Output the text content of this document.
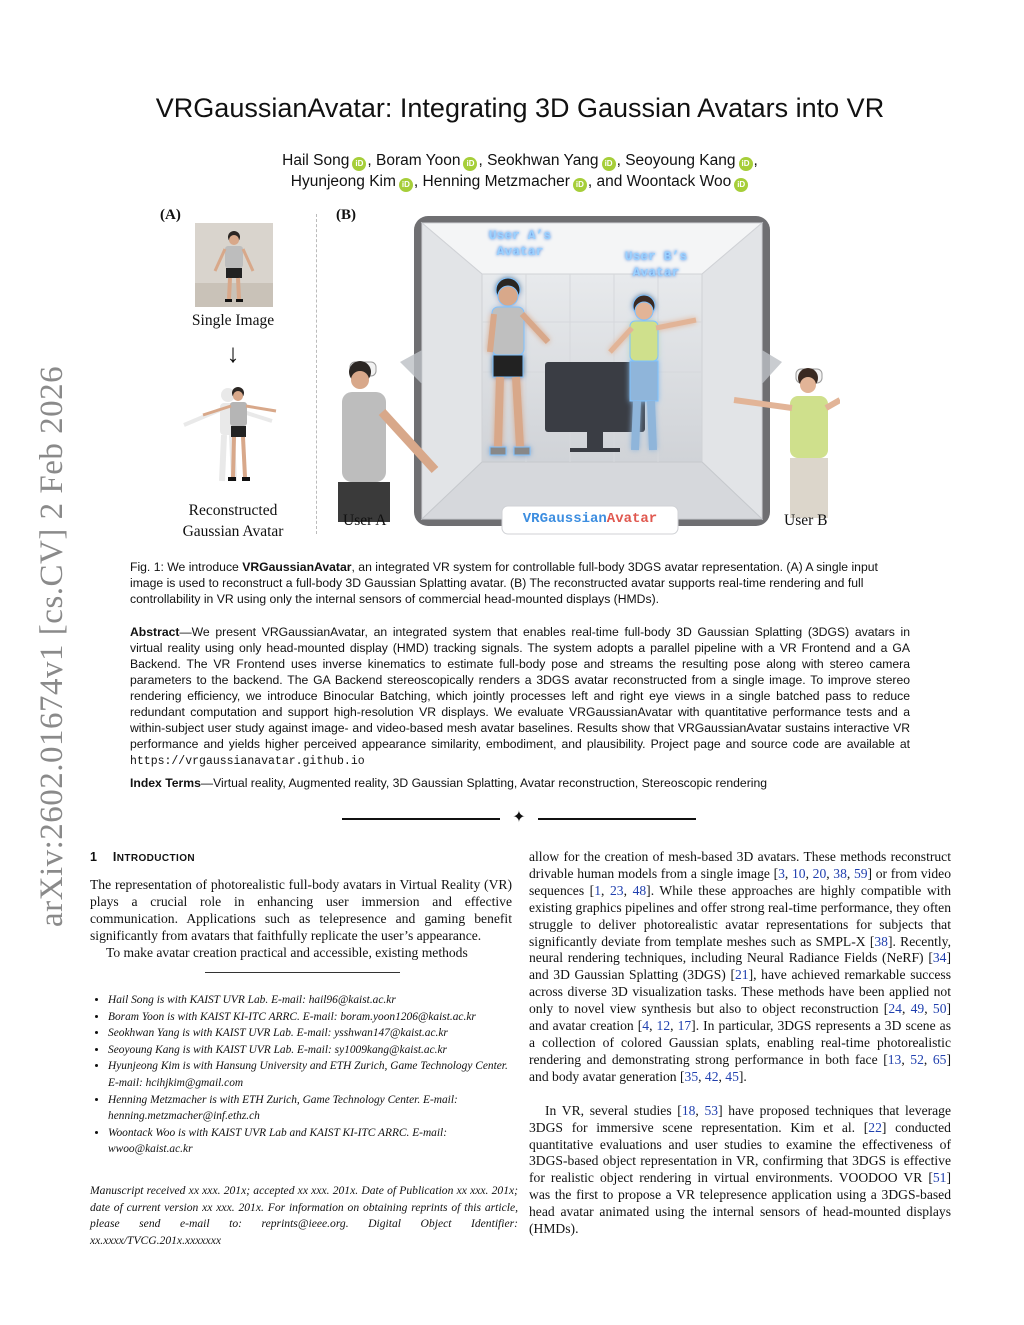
arXiv:2602.01674v1 [cs.CV] 2 Feb 2026
VRGaussianAvatar: Integrating 3D Gaussian Avatars into VR
Hail Song iD , Boram Yoon iD , Seokhwan Yang iD , Seoyoung Kang iD ,
Hyunjeong Kim iD , Henning Metzmacher iD , and Woontack Woo iD
(A)
Single Image
↓
Reconstructed
Gaussian Avatar
(B)
User A’s
Avatar	User B’s
Avatar
VRGaussianAvatar
User A	User B
Fig. 1: We introduce VRGaussianAvatar, an integrated VR system for controllable full-body 3DGS avatar representation. (A) A single input image is used to reconstruct a full-body 3D Gaussian Splatting avatar. (B) The reconstructed avatar supports real-time rendering and full controllability in VR using only the internal sensors of commercial head-mounted displays (HMDs).
Abstract—We present VRGaussianAvatar, an integrated system that enables real-time full-body 3D Gaussian Splatting (3DGS) avatars in virtual reality using only head-mounted display (HMD) tracking signals. The system adopts a parallel pipeline with a VR Frontend and a GA Backend. The VR Frontend uses inverse kinematics to estimate full-body pose and streams the resulting pose along with stereo camera parameters to the backend. The GA Backend stereoscopically renders a 3DGS avatar reconstructed from a single image. To improve stereo rendering efficiency, we introduce Binocular Batching, which jointly processes left and right eye views in a single batched pass to reduce redundant computation and support high-resolution VR displays. We evaluate VRGaussianAvatar with quantitative performance tests and a within-subject user study against image- and video-based mesh avatar baselines. Results show that VRGaussianAvatar sustains interactive VR performance and yields higher perceived appearance similarity, embodiment, and plausibility. Project page and source code are available at https://vrgaussianavatar.github.io
Index Terms—Virtual reality, Augmented reality, 3D Gaussian Splatting, Avatar reconstruction, Stereoscopic rendering
✦
1 INTRODUCTION

The representation of photorealistic full-body avatars in Virtual Reality (VR) plays a crucial role in enhancing user immersion and effective communication. Applications such as telepresence and gaming benefit significantly from avatars that faithfully replicate the user’s appearance.

To make avatar creation practical and accessible, existing methods

• Hail Song is with KAIST UVR Lab. E-mail: hail96@kaist.ac.kr
• Boram Yoon is with KAIST KI-ITC ARRC. E-mail: boram.yoon1206@kaist.ac.kr
• Seokhwan Yang is with KAIST UVR Lab. E-mail: ysshwan147@kaist.ac.kr
• Seoyoung Kang is with KAIST UVR Lab. E-mail: sy1009kang@kaist.ac.kr
• Hyunjeong Kim is with Hansung University and ETH Zurich, Game Technology Center. E-mail: hcihjkim@gmail.com
• Henning Metzmacher is with ETH Zurich, Game Technology Center. E-mail: henning.metzmacher@inf.ethz.ch
• Woontack Woo is with KAIST UVR Lab and KAIST KI-ITC ARRC. E-mail: wwoo@kaist.ac.kr
Manuscript received xx xxx. 201x; accepted xx xxx. 201x. Date of Publication xx xxx. 201x; date of current version xx xxx. 201x. For information on obtaining reprints of this article, please send e-mail to: reprints@ieee.org. Digital Object Identifier: xx.xxxx/TVCG.201x.xxxxxxx

allow for the creation of mesh-based 3D avatars. These methods reconstruct drivable human models from a single image [3, 10, 20, 38, 59] or from video sequences [1, 23, 48]. While these approaches are highly compatible with existing graphics pipelines and offer strong real-time performance, they often struggle to deliver photorealistic avatar representations for subjects that significantly deviate from template meshes such as SMPL-X [38]. Recently, neural rendering techniques, including Neural Radiance Fields (NeRF) [34] and 3D Gaussian Splatting (3DGS) [21], have achieved remarkable success across diverse 3D visualization tasks. These methods have been applied not only to novel view synthesis but also to object reconstruction [24, 49, 50] and avatar creation [4, 12, 17]. In particular, 3DGS represents a 3D scene as a collection of colored Gaussian splats, enabling real-time photorealistic rendering and demonstrating strong performance in both face [13, 52, 65] and body avatar generation [35, 42, 45].

In VR, several studies [18, 53] have proposed techniques that leverage 3DGS for immersive scene representation. Kim et al. [22] conducted quantitative evaluations and user studies to examine the effectiveness of 3DGS-based object representation in VR, confirming that 3DGS is effective for realistic object rendering in virtual environments. VOODOO VR [51] was the first to propose a VR telepresence application using a 3DGS-based head avatar animated using the internal sensors of head-mounted displays (HMDs).
